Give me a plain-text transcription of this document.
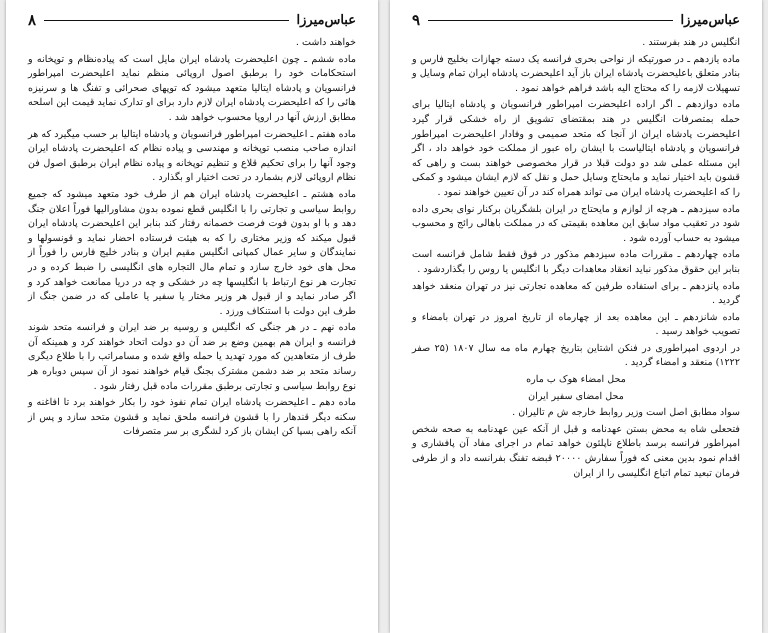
عباس‌میرزا
۸

خواهند داشت .

ماده ششم ـ چون اعلیحضرت پادشاه ایران مایل است که پیاده‌نظام و توپخانه و استحکامات خود را برطبق اصول اروپائی منظم نماید اعلیحضرت امپراطور فرانسویان و پادشاه ایتالیا متعهد میشود که توپهای صحرائی و تفنگ ها و سرنیزه هائی را که اعلیحضرت پادشاه ایران لازم دارد برای او تدارک نماید قیمت این اسلحه مطابق ارزش آنها در اروپا محسوب خواهد شد .

ماده هفتم ـ اعلیحضرت امپراطور فرانسویان و پادشاه ایتالیا بر حسب میگیرد که هر اندازه صاحب منصب توپخانه و مهندسی و پیاده نظام که اعلیحضرت پادشاه ایران وجود آنها را برای تحکیم قلاع و تنظیم توپخانه و پیاده نظام ایران برطبق اصول فن نظام اروپائی لازم بشمارد در تحت اختیار او بگذارد .

ماده هشتم ـ اعلیحضرت پادشاه ایران هم از طرف خود متعهد میشود که جمیع روابط سیاسی و تجارتی را با انگلیس قطع نموده بدون مشاورالیها فوراً اعلان جنگ دهد و با او بدون فوت فرصت خصمانه رفتار کند بنابر این اعلیحضرت پادشاه ایران قبول میکند که وزیر مختاری را که به هیئت فرستاده احضار نماید و قونسولها و نمایندگان و سایر عمال کمپانی انگلیس مقیم ایران و بنادر خلیج فارس را فوراً از محل های خود خارج سازد و تمام مال التجاره های انگلیسی را ضبط کرده و در تجارت هر نوع ارتباط با انگلیسها چه در خشکی و چه در دریا ممانعت خواهد کرد و اگر صادر نماید و از قبول هر وزیر مختار یا سفیر یا عاملی که در ضمن جنگ از طرف این دولت با استنکاف ورزد .

ماده نهم ـ در هر جنگی که انگلیس و روسیه بر ضد ایران و فرانسه متحد شوند فرانسه و ایران هم بهمین وضع بر ضد آن دو دولت اتحاد خواهند کرد و همینکه آن طرف از متعاهدین که مورد تهدید یا حمله واقع شده و مسامراتب را با طلاع دیگری رساند متحد بر ضد دشمن مشترک بجنگ قیام خواهند نمود از آن سپس دوباره هر نوع روابط سیاسی و تجارتی برطبق مقررات ماده قبل رفتار شود .

ماده دهم ـ اعلیحضرت پادشاه ایران تمام نفوذ خود را بکار خواهند برد تا افاغنه و سکنه دیگر قندهار را با قشون فرانسه ملحق نماید و قشون متحد سازد و پس از آنکه راهی بسپا کن ایشان باز کرد لشگری بر سر متصرفات

عباس‌میرزا
۹

انگلیس در هند بفرستند .

ماده یازدهم ـ در صورتیکه از نواحی بحری فرانسه یک دسته جهازات بخلیج فارس و بنادر متعلق باعلیحضرت پادشاه ایران باز آید اعلیحضرت پادشاه ایران تمام وسایل و تسهیلات لازمه را که محتاج الیه باشد فراهم خواهد نمود .

ماده دوازدهم ـ اگر اراده اعلیحضرت امپراطور فرانسویان و پادشاه ایتالیا برای حمله بمتصرفات انگلیس در هند بمقتضای تشویق از راه خشکی قرار گیرد اعلیحضرت پادشاه ایران از آنجا که متحد صمیمی و وفادار اعلیحضرت امپراطور فرانسویان و پادشاه ایتالیاست با ایشان راه عبور از مملکت خود خواهد داد ، اگر این مسئله عملی شد دو دولت قبلا در قرار مخصوصی خواهند بست و راهی که قشون باید اختیار نماید و مایحتاج وسایل حمل و نقل که لازم ایشان میشود و کمکی را که اعلیحضرت پادشاه ایران می تواند همراه کند در آن تعیین خواهند نمود .

ماده سیزدهم ـ هرچه از لوازم و مایحتاج در ایران بلشگریان برکنار نوای بحری داده شود در تعقیب مواد سابق این معاهده بقیمتی که در مملکت باهالی رائج و محسوب میشود به حساب آورده شود .

ماده چهاردهم ـ مقررات ماده سیزدهم مذکور در فوق فقط شامل فرانسه است بنابر این حقوق مذکور نباید انعقاد معاهدات دیگر با انگلیس یا روس را بگذاردشود .

ماده پانزدهم ـ برای استفاده طرفین که معاهده تجارتی نیز در تهران منعقد خواهد گردید .

ماده شانزدهم ـ این معاهده بعد از چهارماه از تاریخ امروز در تهران بامضاء و تصویب خواهد رسید .

در اردوی امپراطوری در فنکن اشتاین بتاریخ چهارم ماه مه سال ۱۸۰۷ (۲۵ صفر ۱۲۲۲) منعقد و امضاء گردید .

محل امضاء هوک ب ماره

محل امضای سفیر ایران

سواد مطابق اصل است وزیر روابط خارجه ش م تالیران .

فتحعلی شاه به محض بستن عهدنامه و قبل از آنکه عین عهدنامه به صحه شخص امپراطور فرانسه برسد باطلاع ناپلئون خواهد تمام در اجرای مفاد آن پافشاری و اقدام نمود بدین معنی که فوراً سفارش ۲۰۰۰۰ قبضه تفنگ بفرانسه داد و از طرفی فرمان تبعید تمام اتباع انگلیسی را از ایران
